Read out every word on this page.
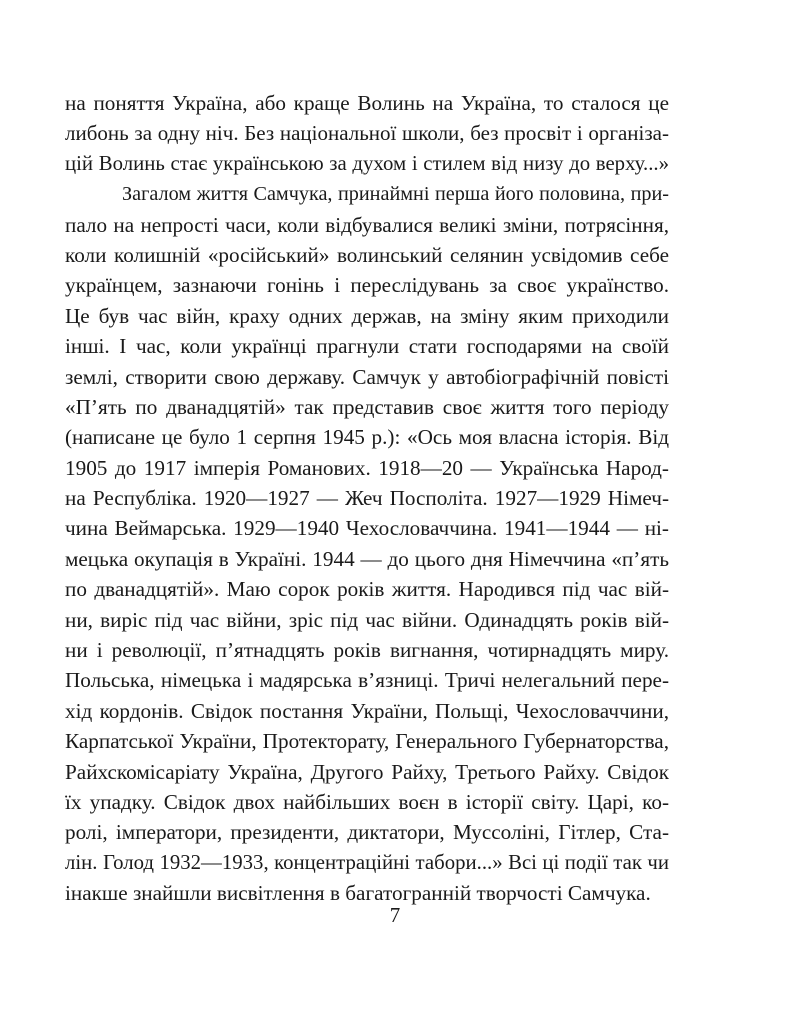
на поняття Україна, або краще Волинь на Україна, то сталося це
либонь за одну ніч. Без національної школи, без просвіт і організа-
цій Волинь стає українською за духом і стилем від низу до верху...»
Загалом життя Самчука, принаймні перша його половина, при-
пало на непрості часи, коли відбувалися великі зміни, потрясіння,
коли колишній «російський» волинський селянин усвідомив себе
українцем, зазнаючи гонінь і переслідувань за своє українство.
Це був час війн, краху одних держав, на зміну яким приходили
інші. І час, коли українці прагнули стати господарями на своїй
землі, створити свою державу. Самчук у автобіографічній повісті
«П’ять по дванадцятій» так представив своє життя того періоду
(написане це було 1 серпня 1945 р.): «Ось моя власна історія. Від
1905 до 1917 імперія Романових. 1918—20 — Українська Народ-
на Республіка. 1920—1927 — Жеч Посполіта. 1927—1929 Німеч-
чина Веймарська. 1929—1940 Чехословаччина. 1941—1944 — ні-
мецька окупація в Україні. 1944 — до цього дня Німеччина «п’ять
по дванадцятій». Маю сорок років життя. Народився під час вій-
ни, виріс під час війни, зріс під час війни. Одинадцять років вій-
ни і революції, п’ятнадцять років вигнання, чотирнадцять миру.
Польська, німецька і мадярська в’язниці. Тричі нелегальний пере-
хід кордонів. Свідок постання України, Польщі, Чехословаччини,
Карпатської України, Протекторату, Генерального Губернаторства,
Райхскомісаріату Україна, Другого Райху, Третього Райху. Свідок
їх упадку. Свідок двох найбільших воєн в історії світу. Царі, ко-
ролі, імператори, президенти, диктатори, Муссоліні, Гітлер, Ста-
лін. Голод 1932—1933, концентраційні табори...» Всі ці події так чи
інакше знайшли висвітлення в багатогранній творчості Самчука.
7
